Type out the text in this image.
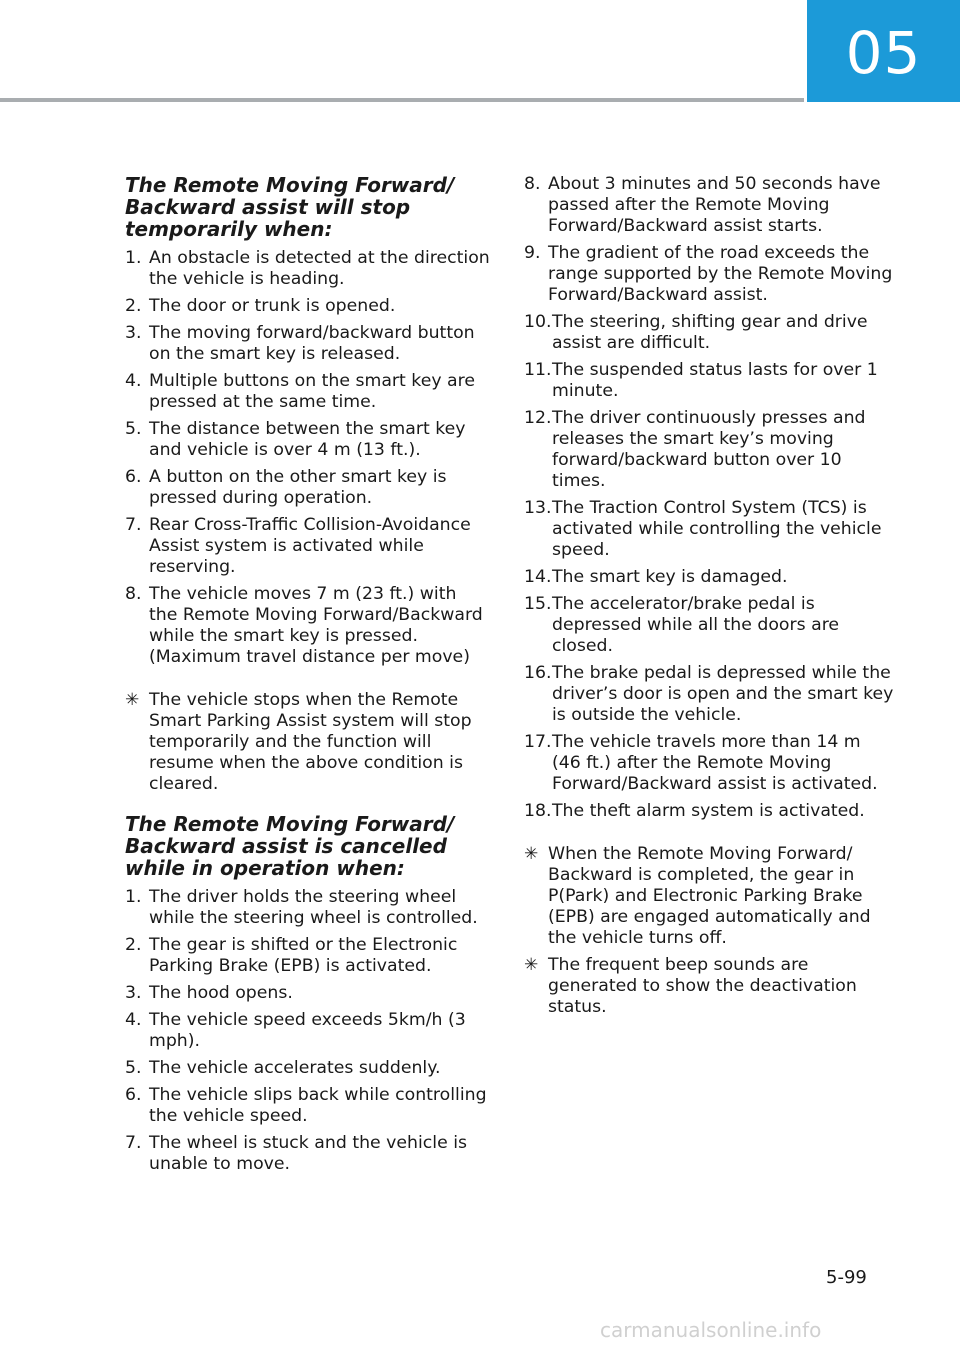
05
The Remote Moving Forward/ Backward assist will stop temporarily when:
1. An obstacle is detected at the direction the vehicle is heading.
2. The door or trunk is opened.
3. The moving forward/backward button on the smart key is released.
4. Multiple buttons on the smart key are pressed at the same time.
5. The distance between the smart key and vehicle is over 4 m (13 ft.).
6. A button on the other smart key is pressed during operation.
7. Rear Cross-Traffic Collision-Avoidance Assist system is activated while reserving.
8. The vehicle moves 7 m (23 ft.) with the Remote Moving Forward/Backward while the smart key is pressed. (Maximum travel distance per move)
✳ The vehicle stops when the Remote Smart Parking Assist system will stop temporarily and the function will resume when the above condition is cleared.
The Remote Moving Forward/ Backward assist is cancelled while in operation when:
1. The driver holds the steering wheel while the steering wheel is controlled.
2. The gear is shifted or the Electronic Parking Brake (EPB) is activated.
3. The hood opens.
4. The vehicle speed exceeds 5km/h (3 mph).
5. The vehicle accelerates suddenly.
6. The vehicle slips back while controlling the vehicle speed.
7. The wheel is stuck and the vehicle is unable to move.
8. About 3 minutes and 50 seconds have passed after the Remote Moving Forward/Backward assist starts.
9. The gradient of the road exceeds the range supported by the Remote Moving Forward/Backward assist.
10. The steering, shifting gear and drive assist are difficult.
11. The suspended status lasts for over 1 minute.
12. The driver continuously presses and releases the smart key’s moving forward/backward button over 10 times.
13. The Traction Control System (TCS) is activated while controlling the vehicle speed.
14. The smart key is damaged.
15. The accelerator/brake pedal is depressed while all the doors are closed.
16. The brake pedal is depressed while the driver’s door is open and the smart key is outside the vehicle.
17. The vehicle travels more than 14 m (46 ft.) after the Remote Moving Forward/Backward assist is activated.
18. The theft alarm system is activated.
✳ When the Remote Moving Forward/ Backward is completed, the gear in P(Park) and Electronic Parking Brake (EPB) are engaged automatically and the vehicle turns off.
✳ The frequent beep sounds are generated to show the deactivation status.
5-99
carmanualsonline.info
